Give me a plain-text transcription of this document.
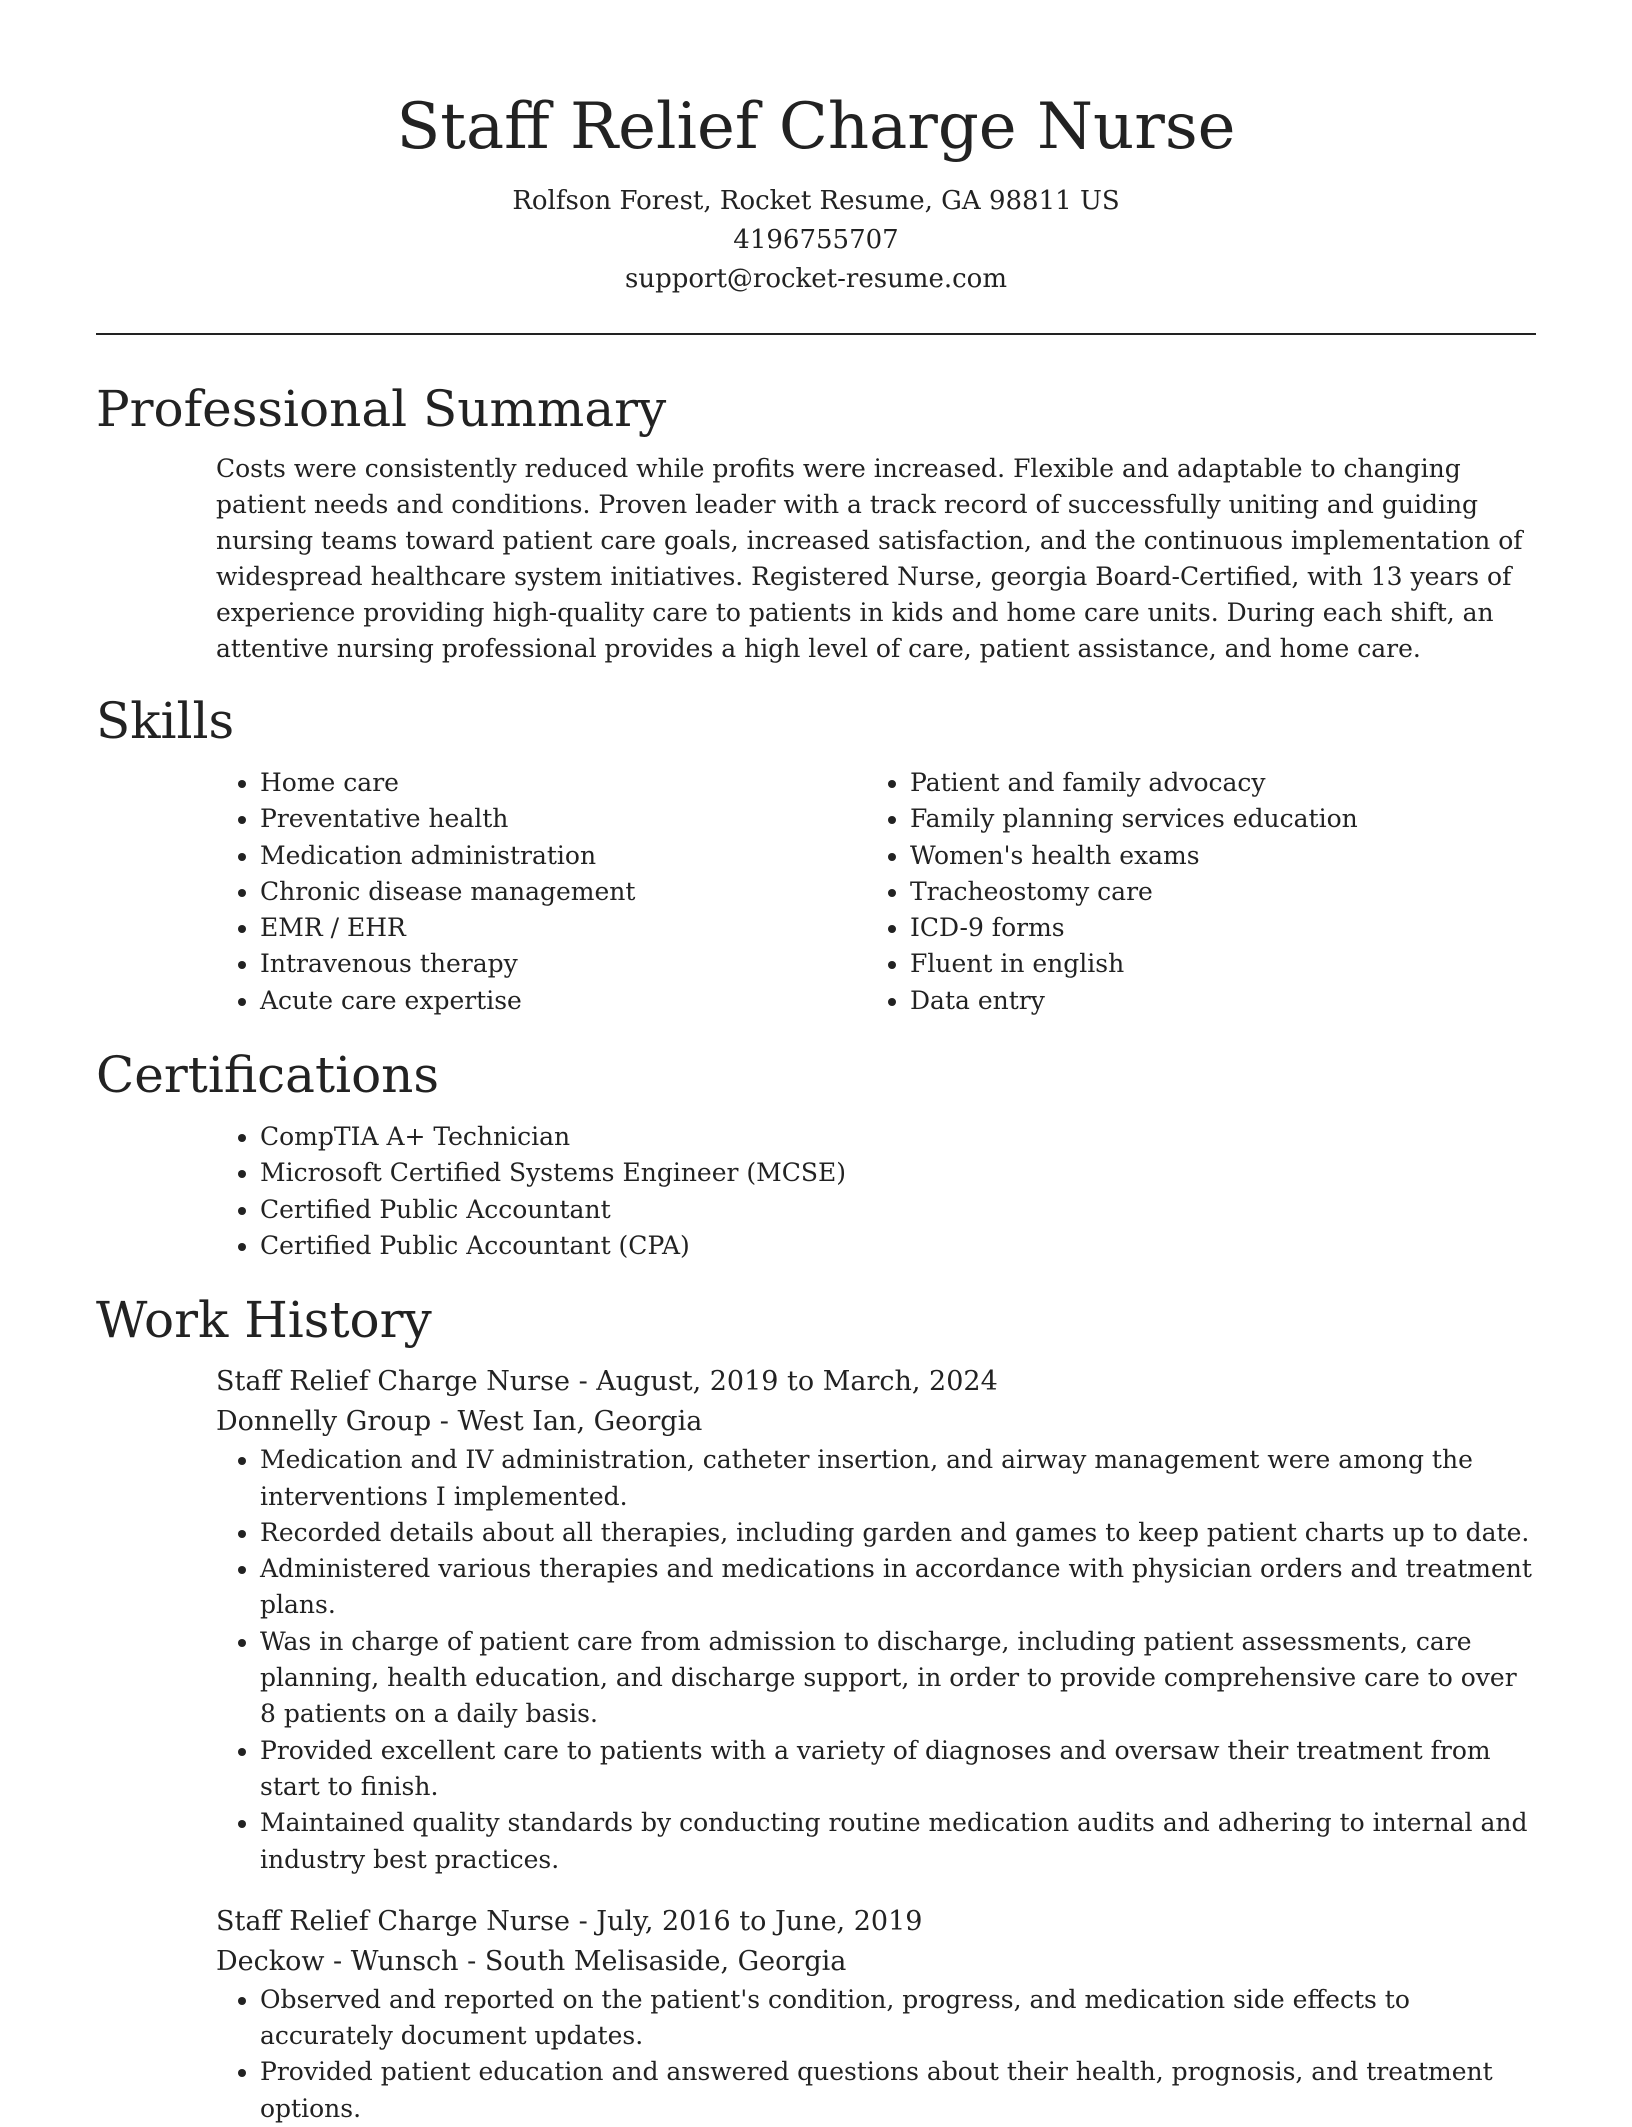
Staff Relief Charge Nurse
Rolfson Forest, Rocket Resume, GA 98811 US
4196755707
support@rocket-resume.com
Professional Summary

Costs were consistently reduced while profits were increased. Flexible and adaptable to changing patient needs and conditions. Proven leader with a track record of successfully uniting and guiding nursing teams toward patient care goals, increased satisfaction, and the continuous implementation of widespread healthcare system initiatives. Registered Nurse, georgia Board-Certified, with 13 years of experience providing high-quality care to patients in kids and home care units. During each shift, an attentive nursing professional provides a high level of care, patient assistance, and home care.

Skills
• Home care
• Preventative health
• Medication administration
• Chronic disease management
• EMR / EHR
• Intravenous therapy
• Acute care expertise
• Patient and family advocacy
• Family planning services education
• Women's health exams
• Tracheostomy care
• ICD-9 forms
• Fluent in english
• Data entry
Certifications
• CompTIA A+ Technician
• Microsoft Certified Systems Engineer (MCSE)
• Certified Public Accountant
• Certified Public Accountant (CPA)
Work History
Staff Relief Charge Nurse - August, 2019 to March, 2024
Donnelly Group - West Ian, Georgia
• Medication and IV administration, catheter insertion, and airway management were among the interventions I implemented.
• Recorded details about all therapies, including garden and games to keep patient charts up to date.
• Administered various therapies and medications in accordance with physician orders and treatment plans.
• Was in charge of patient care from admission to discharge, including patient assessments, care planning, health education, and discharge support, in order to provide comprehensive care to over 8 patients on a daily basis.
• Provided excellent care to patients with a variety of diagnoses and oversaw their treatment from start to finish.
• Maintained quality standards by conducting routine medication audits and adhering to internal and industry best practices.
Staff Relief Charge Nurse - July, 2016 to June, 2019
Deckow - Wunsch - South Melisaside, Georgia
• Observed and reported on the patient's condition, progress, and medication side effects to accurately document updates.
• Provided patient education and answered questions about their health, prognosis, and treatment options.
